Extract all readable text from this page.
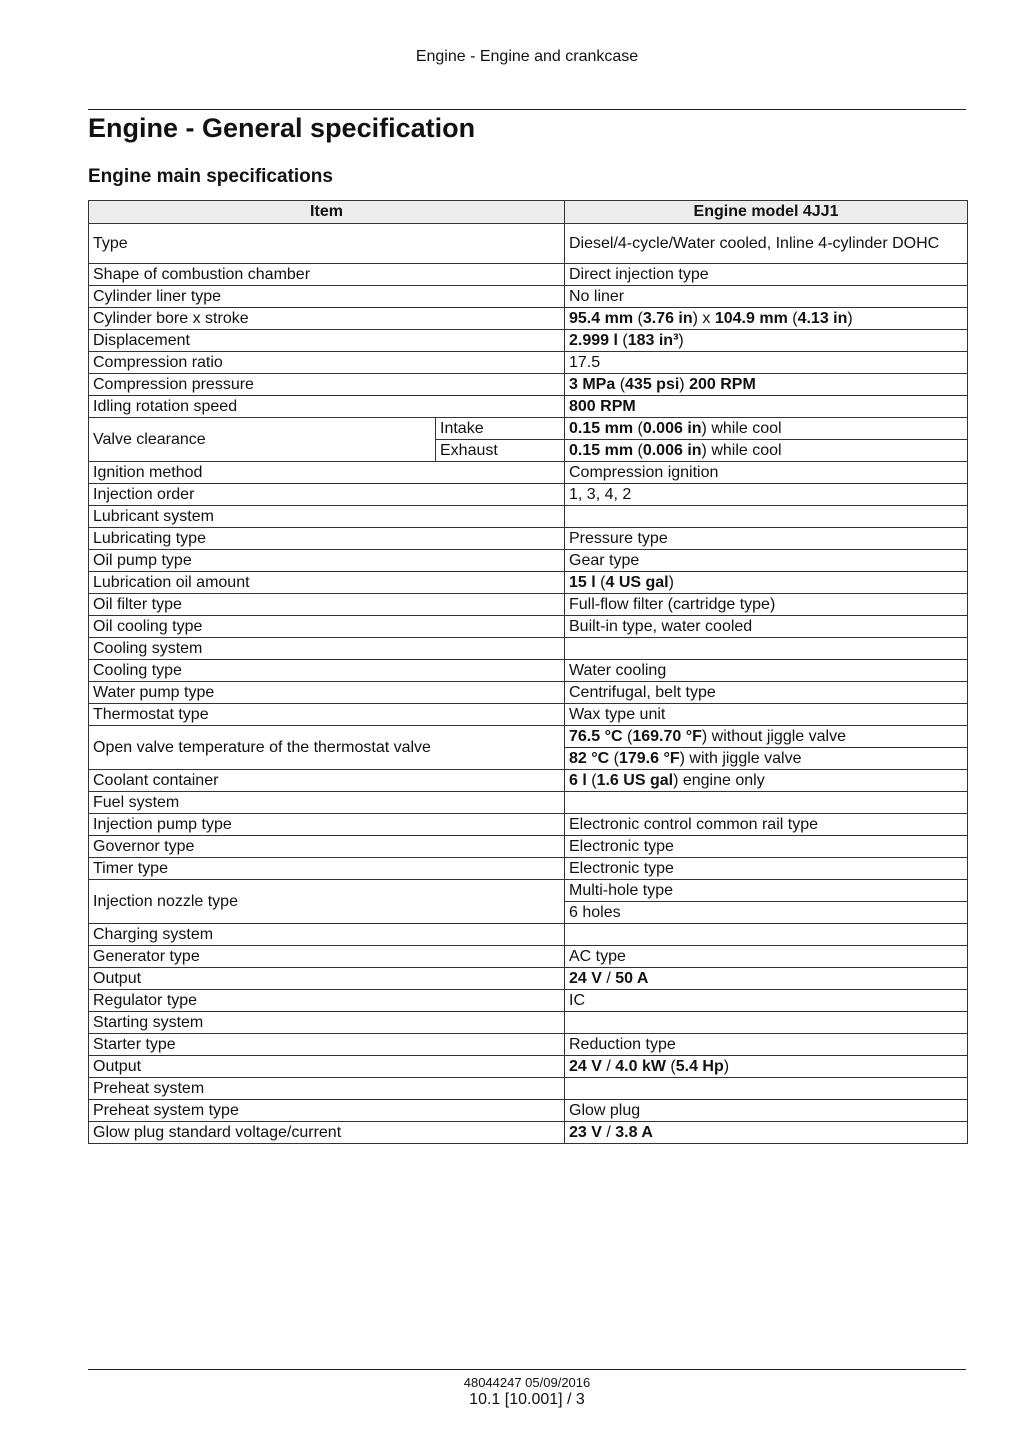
Engine - Engine and crankcase
Engine - General specification
Engine main specifications
Item		Engine model 4JJ1
Type		Diesel/4-cycle/Water cooled, Inline 4-cylinder DOHC
Shape of combustion chamber		Direct injection type
Cylinder liner type		No liner
Cylinder bore x stroke		95.4 mm (3.76 in) x 104.9 mm (4.13 in)
Displacement		2.999 l (183 in³)
Compression ratio		17.5
Compression pressure		3 MPa (435 psi) 200 RPM
Idling rotation speed		800 RPM
Valve clearance	Intake	0.15 mm (0.006 in) while cool
	Exhaust	0.15 mm (0.006 in) while cool
Ignition method		Compression ignition
Injection order		1, 3, 4, 2
Lubricant system		
Lubricating type		Pressure type
Oil pump type		Gear type
Lubrication oil amount		15 l (4 US gal)
Oil filter type		Full-flow filter (cartridge type)
Oil cooling type		Built-in type, water cooled
Cooling system		
Cooling type		Water cooling
Water pump type		Centrifugal, belt type
Thermostat type		Wax type unit
Open valve temperature of the thermostat valve		76.5 °C (169.70 °F) without jiggle valve
		82 °C (179.6 °F) with jiggle valve
Coolant container		6 l (1.6 US gal) engine only
Fuel system		
Injection pump type		Electronic control common rail type
Governor type		Electronic type
Timer type		Electronic type
Injection nozzle type		Multi-hole type
		6 holes
Charging system		
Generator type		AC type
Output		24 V / 50 A
Regulator type		IC
Starting system		
Starter type		Reduction type
Output		24 V / 4.0 kW (5.4 Hp)
Preheat system		
Preheat system type		Glow plug
Glow plug standard voltage/current		23 V / 3.8 A
48044247 05/09/2016
10.1 [10.001] / 3
